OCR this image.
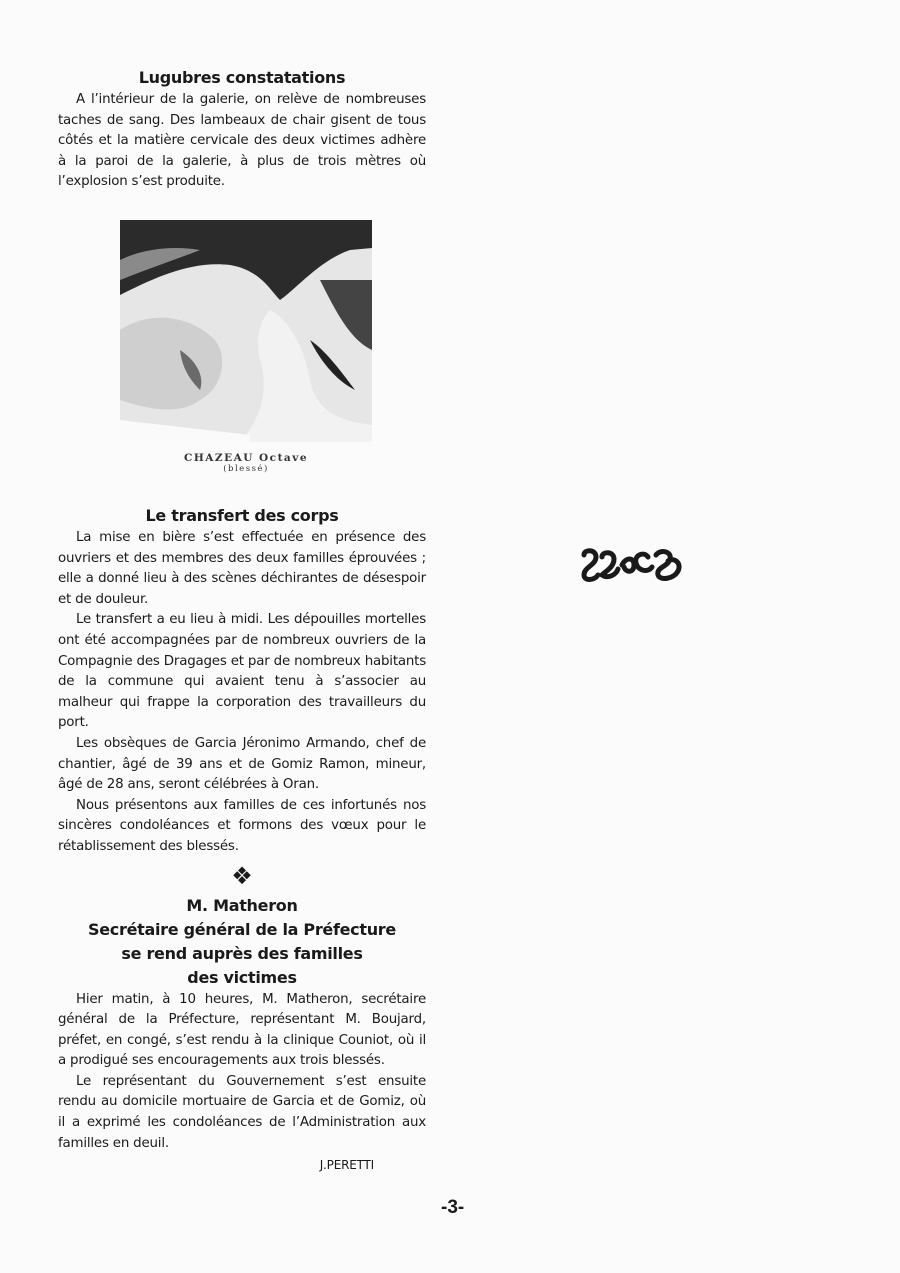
Lugubres constatations

A l’intérieur de la galerie, on relève de nombreuses taches de sang. Des lambeaux de chair gisent de tous côtés et la matière cervicale des deux victimes adhère à la paroi de la galerie, à plus de trois mètres où l’explosion s’est produite.

CHAZEAU Octave
(blessé)
Le transfert des corps

La mise en bière s’est effectuée en présence des ouvriers et des membres des deux familles éprouvées ; elle a donné lieu à des scènes déchirantes de désespoir et de douleur.

Le transfert a eu lieu à midi. Les dépouilles mortelles ont été accompagnées par de nombreux ouvriers de la Compagnie des Dragages et par de nombreux habitants de la commune qui avaient tenu à s’associer au malheur qui frappe la corporation des travailleurs du port.

Les obsèques de Garcia Jéronimo Armando, chef de chantier, âgé de 39 ans et de Gomiz Ramon, mineur, âgé de 28 ans, seront célébrées à Oran.

Nous présentons aux familles de ces infortunés nos sincères condoléances et formons des vœux pour le rétablissement des blessés.

❖
M. Matheron
Secrétaire général de la Préfecture
se rend auprès des familles
des victimes

Hier matin, à 10 heures, M. Matheron, secrétaire général de la Préfecture, représentant M. Boujard, préfet, en congé, s’est rendu à la clinique Couniot, où il a prodigué ses encouragements aux trois blessés.

Le représentant du Gouvernement s’est ensuite rendu au domicile mortuaire de Garcia et de Gomiz, où il a exprimé les condoléances de l’Administration aux familles en deuil.

J.PERETTI
-3-
